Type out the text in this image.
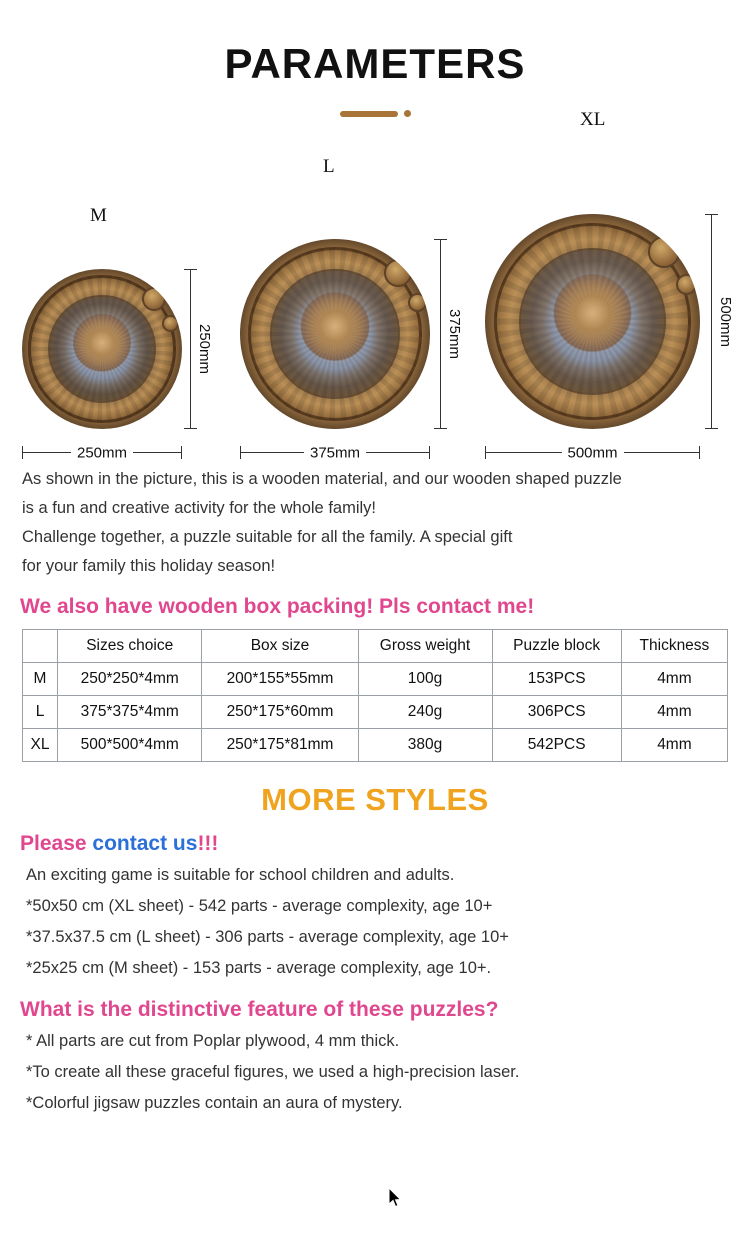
PARAMETERS
M
250mm
250mm
L
375mm
375mm
XL
500mm
500mm
As shown in the picture, this is a wooden material, and our wooden shaped puzzle
is a fun and creative activity for the whole family!
Challenge together, a puzzle suitable for all the family. A special gift
for your family this holiday season!
We also have wooden box packing! Pls contact me!
	Sizes choice	Box size	Gross weight	Puzzle block	Thickness
M	250*250*4mm	200*155*55mm	100g	153PCS	4mm
L	375*375*4mm	250*175*60mm	240g	306PCS	4mm
XL	500*500*4mm	250*175*81mm	380g	542PCS	4mm
MORE STYLES
Please contact us!!!
An exciting game is suitable for school children and adults.
*50x50 cm (XL sheet) - 542 parts - average complexity, age 10+
*37.5x37.5 cm (L sheet) - 306 parts - average complexity, age 10+
*25x25 cm (M sheet) - 153 parts - average complexity, age 10+.
What is the distinctive feature of these puzzles?
* All parts are cut from Poplar plywood, 4 mm thick.
*To create all these graceful figures, we used a high-precision laser.
*Colorful jigsaw puzzles contain an aura of mystery.
